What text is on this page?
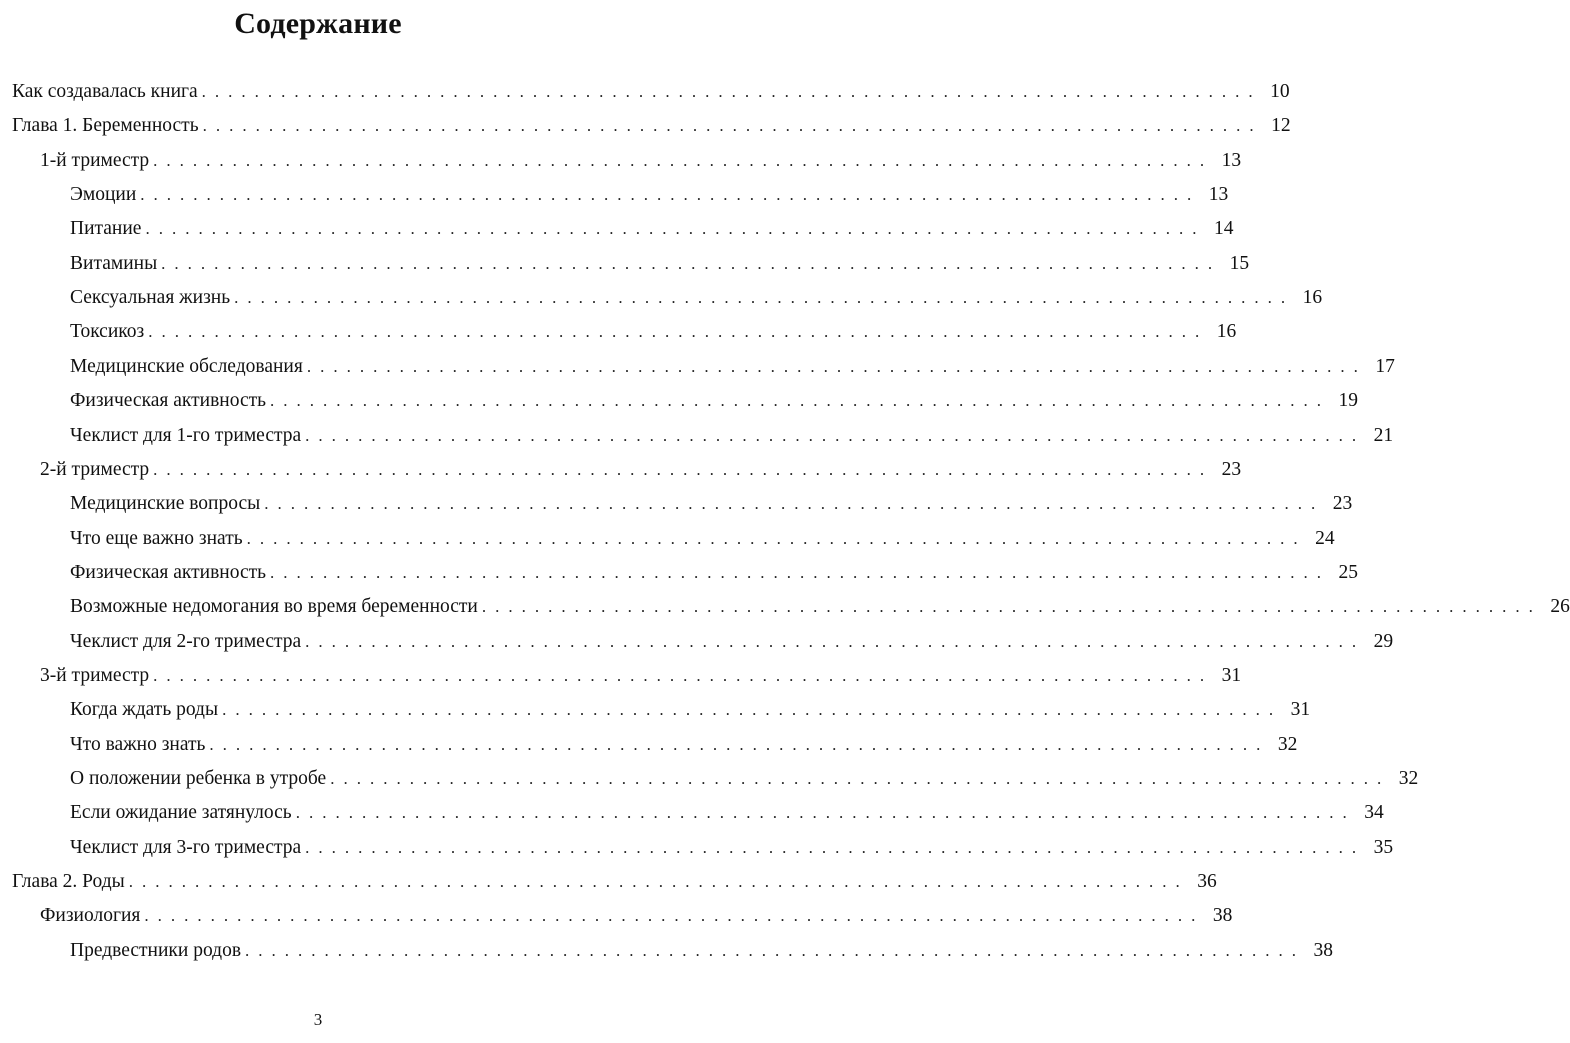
Содержание
Как создавалась книга ................................................................................ 10
Глава 1. Беременность ................................................................................ 12
1-й триместр ................................................................................ 13
Эмоции ................................................................................ 13
Питание ................................................................................ 14
Витамины ................................................................................ 15
Сексуальная жизнь ................................................................................ 16
Токсикоз ................................................................................ 16
Медицинские обследования ................................................................................ 17
Физическая активность ................................................................................ 19
Чеклист для 1-го триместра ................................................................................ 21
2-й триместр ................................................................................ 23
Медицинские вопросы ................................................................................ 23
Что еще важно знать ................................................................................ 24
Физическая активность ................................................................................ 25
Возможные недомогания во время беременности ................................................................................ 26
Чеклист для 2-го триместра ................................................................................ 29
3-й триместр ................................................................................ 31
Когда ждать роды ................................................................................ 31
Что важно знать ................................................................................ 32
О положении ребенка в утробе ................................................................................ 32
Если ожидание затянулось ................................................................................ 34
Чеклист для 3-го триместра ................................................................................ 35
Глава 2. Роды ................................................................................ 36
Физиология ................................................................................ 38
Предвестники родов ................................................................................ 38
3
